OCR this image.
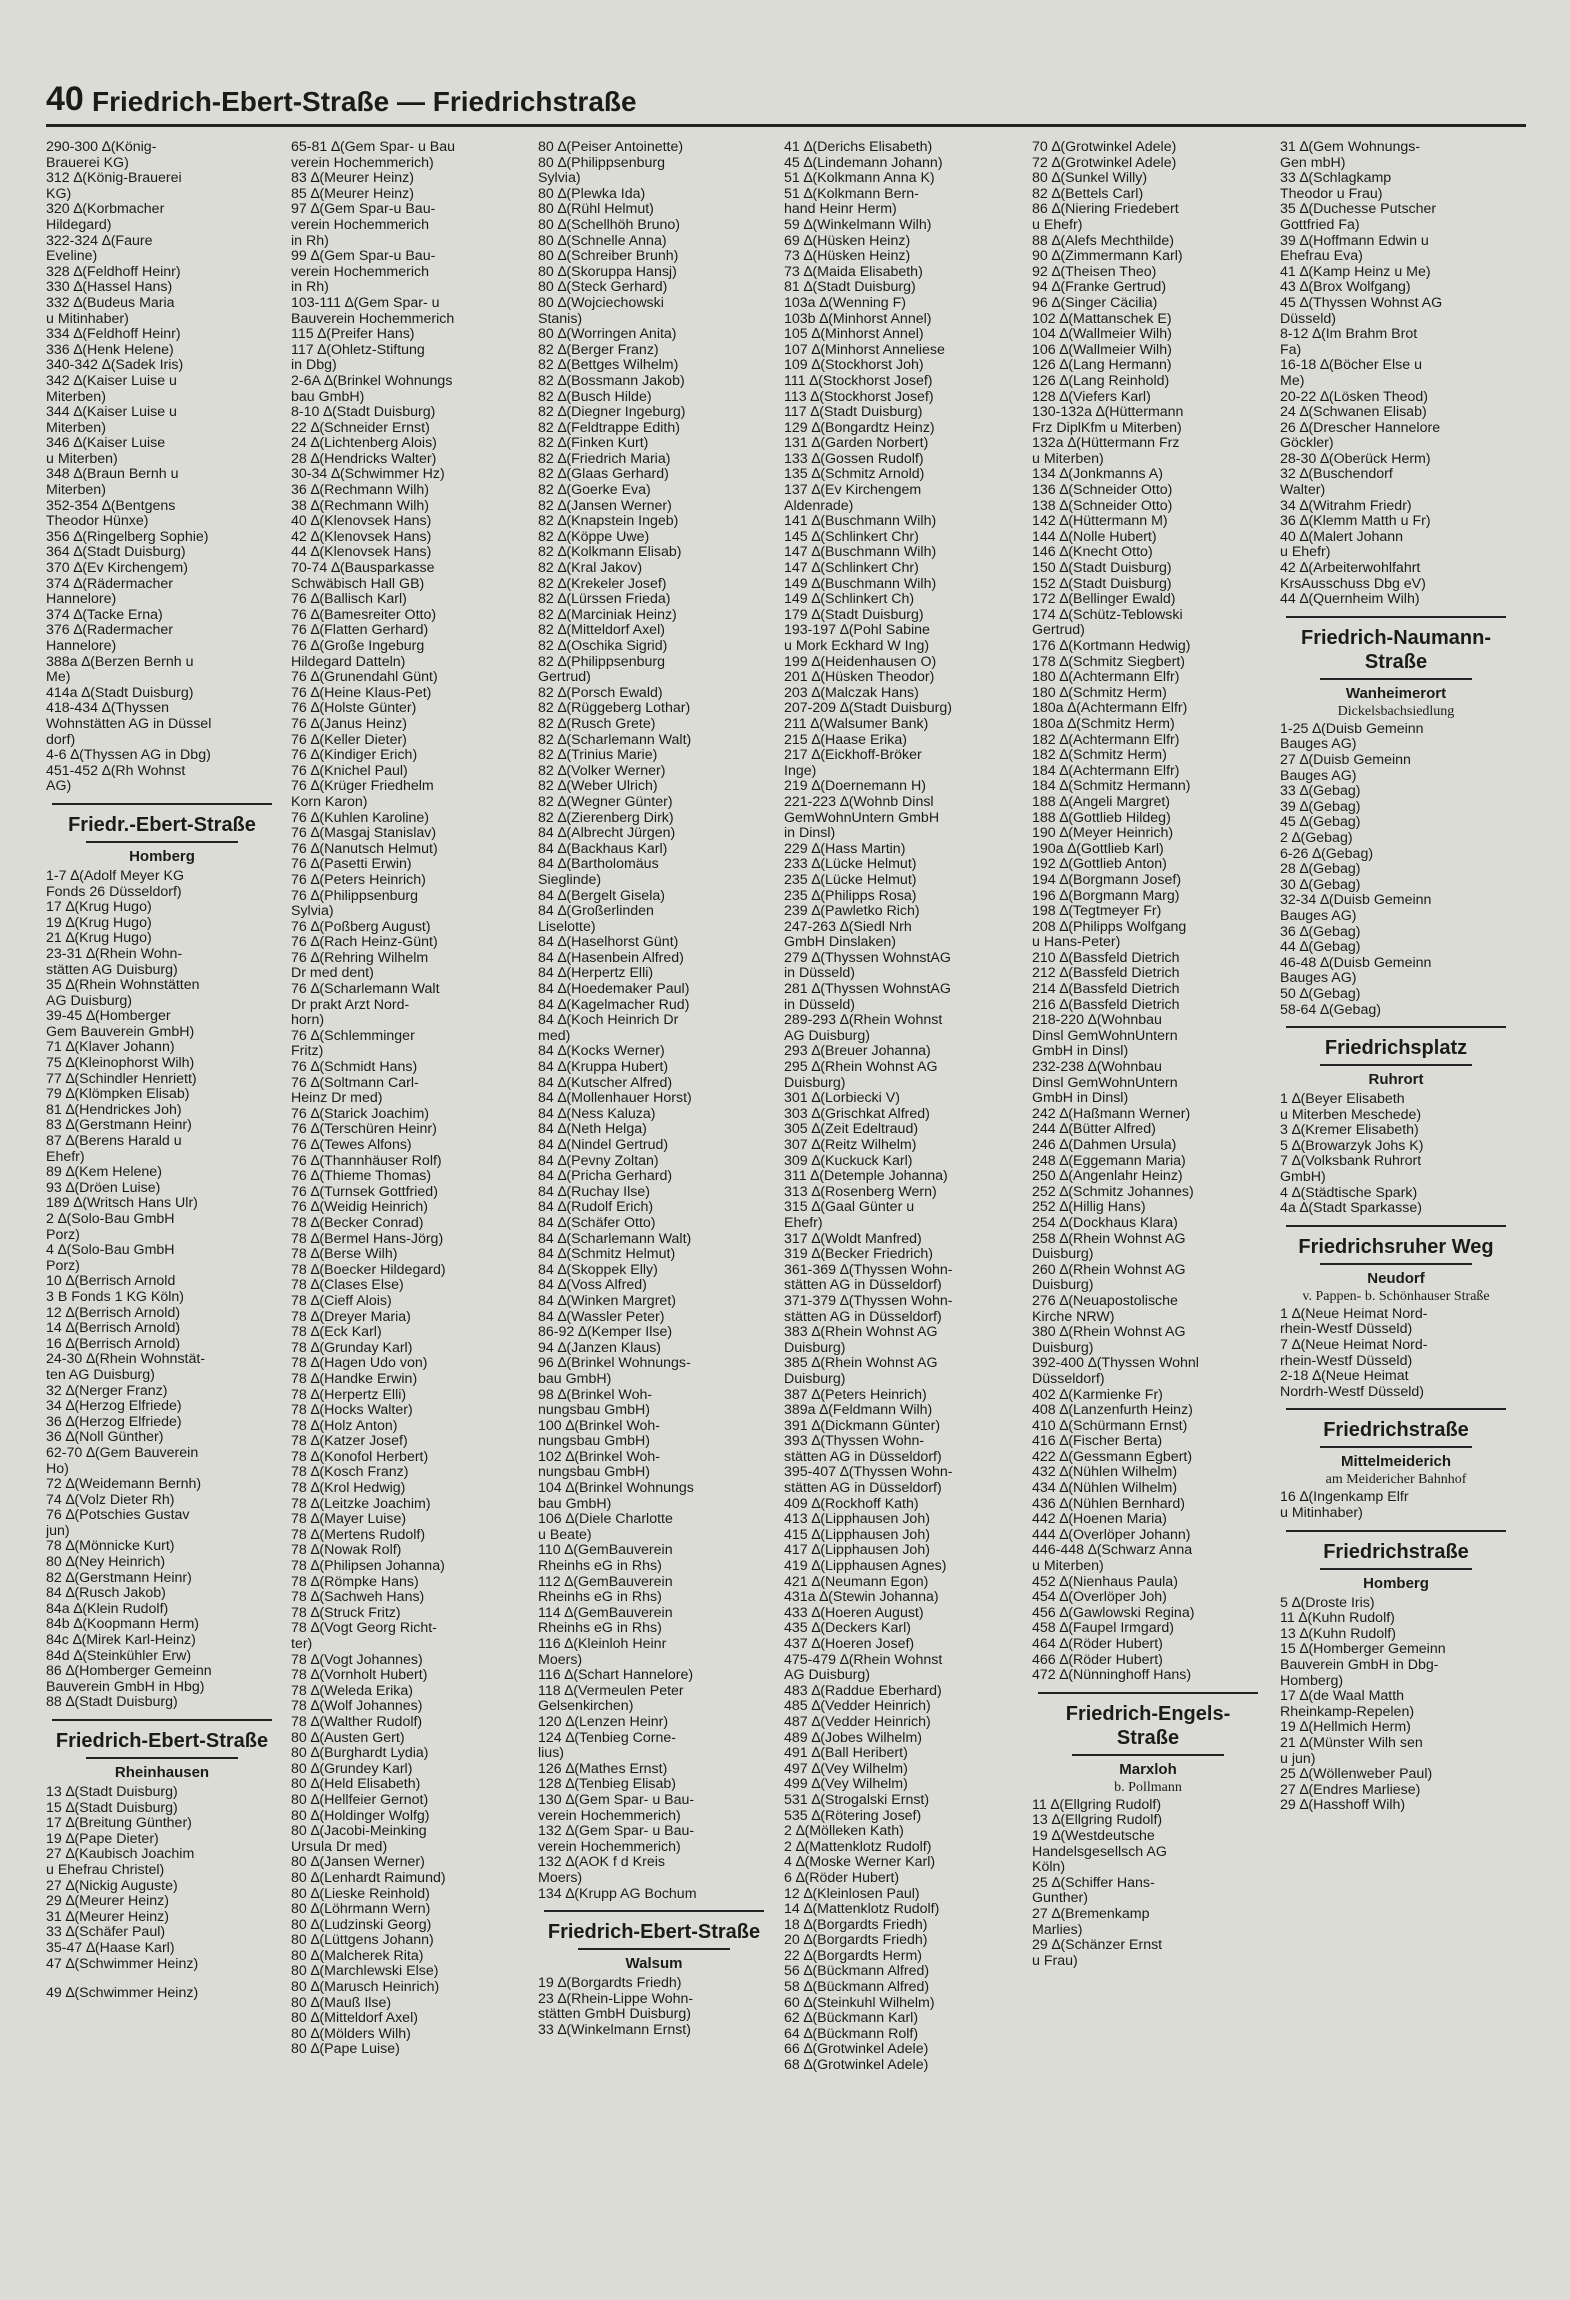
40 Friedrich-Ebert-Straße — Friedrichstraße
290-300 ∆(König-
Brauerei KG)
312 ∆(König-Brauerei
KG)
320 ∆(Korbmacher
Hildegard)
322-324 ∆(Faure
Eveline)
328 ∆(Feldhoff Heinr)
330 ∆(Hassel Hans)
332 ∆(Budeus Maria
u Mitinhaber)
334 ∆(Feldhoff Heinr)
336 ∆(Henk Helene)
340-342 ∆(Sadek Iris)
342 ∆(Kaiser Luise u
Miterben)
344 ∆(Kaiser Luise u
Miterben)
346 ∆(Kaiser Luise
u Miterben)
348 ∆(Braun Bernh u
Miterben)
352-354 ∆(Bentgens
Theodor Hünxe)
356 ∆(Ringelberg Sophie)
364 ∆(Stadt Duisburg)
370 ∆(Ev Kirchengem)
374 ∆(Rädermacher
Hannelore)
374 ∆(Tacke Erna)
376 ∆(Radermacher
Hannelore)
388a ∆(Berzen Bernh u
Me)
414a ∆(Stadt Duisburg)
418-434 ∆(Thyssen
Wohnstätten AG in Düssel
dorf)
4-6 ∆(Thyssen AG in Dbg)
451-452 ∆(Rh Wohnst
AG)
Friedr.-Ebert-Straße
Homberg
1-7 ∆(Adolf Meyer KG
Fonds 26 Düsseldorf)
17 ∆(Krug Hugo)
19 ∆(Krug Hugo)
21 ∆(Krug Hugo)
23-31 ∆(Rhein Wohn-
stätten AG Duisburg)
35 ∆(Rhein Wohnstätten
AG Duisburg)
39-45 ∆(Homberger
Gem Bauverein GmbH)
71 ∆(Klaver Johann)
75 ∆(Kleinophorst Wilh)
77 ∆(Schindler Henriett)
79 ∆(Klömpken Elisab)
81 ∆(Hendrickes Joh)
83 ∆(Gerstmann Heinr)
87 ∆(Berens Harald u
Ehefr)
89 ∆(Kem Helene)
93 ∆(Dröen Luise)
189 ∆(Writsch Hans Ulr)
2 ∆(Solo-Bau GmbH
Porz)
4 ∆(Solo-Bau GmbH
Porz)
10 ∆(Berrisch Arnold
3 B Fonds 1 KG Köln)
12 ∆(Berrisch Arnold)
14 ∆(Berrisch Arnold)
16 ∆(Berrisch Arnold)
24-30 ∆(Rhein Wohnstät-
ten AG Duisburg)
32 ∆(Nerger Franz)
34 ∆(Herzog Elfriede)
36 ∆(Herzog Elfriede)
36 ∆(Noll Günther)
62-70 ∆(Gem Bauverein
Ho)
72 ∆(Weidemann Bernh)
74 ∆(Volz Dieter Rh)
76 ∆(Potschies Gustav
jun)
78 ∆(Mönnicke Kurt)
80 ∆(Ney Heinrich)
82 ∆(Gerstmann Heinr)
84 ∆(Rusch Jakob)
84a ∆(Klein Rudolf)
84b ∆(Koopmann Herm)
84c ∆(Mirek Karl-Heinz)
84d ∆(Steinkühler Erw)
86 ∆(Homberger Gemeinn
Bauverein GmbH in Hbg)
88 ∆(Stadt Duisburg)
Friedrich-Ebert-Straße
Rheinhausen
13 ∆(Stadt Duisburg)
15 ∆(Stadt Duisburg)
17 ∆(Breitung Günther)
19 ∆(Pape Dieter)
27 ∆(Kaubisch Joachim
u Ehefrau Christel)
27 ∆(Nickig Auguste)
29 ∆(Meurer Heinz)
31 ∆(Meurer Heinz)
33 ∆(Schäfer Paul)
35-47 ∆(Haase Karl)
47 ∆(Schwimmer Heinz)
49 ∆(Schwimmer Heinz)
65-81 ∆(Gem Spar- u Bau
verein Hochemmerich)
83 ∆(Meurer Heinz)
85 ∆(Meurer Heinz)
97 ∆(Gem Spar-u Bau-
verein Hochemmerich
in Rh)
99 ∆(Gem Spar-u Bau-
verein Hochemmerich
in Rh)
103-111 ∆(Gem Spar- u
Bauverein Hochemmerich
115 ∆(Preifer Hans)
117 ∆(Ohletz-Stiftung
in Dbg)
2-6A ∆(Brinkel Wohnungs
bau GmbH)
8-10 ∆(Stadt Duisburg)
22 ∆(Schneider Ernst)
24 ∆(Lichtenberg Alois)
28 ∆(Hendricks Walter)
30-34 ∆(Schwimmer Hz)
36 ∆(Rechmann Wilh)
38 ∆(Rechmann Wilh)
40 ∆(Klenovsek Hans)
42 ∆(Klenovsek Hans)
44 ∆(Klenovsek Hans)
70-74 ∆(Bausparkasse
Schwäbisch Hall GB)
76 ∆(Ballisch Karl)
76 ∆(Bamesreiter Otto)
76 ∆(Flatten Gerhard)
76 ∆(Große Ingeburg
Hildegard Datteln)
76 ∆(Grunendahl Günt)
76 ∆(Heine Klaus-Pet)
76 ∆(Holste Günter)
76 ∆(Janus Heinz)
76 ∆(Keller Dieter)
76 ∆(Kindiger Erich)
76 ∆(Knichel Paul)
76 ∆(Krüger Friedhelm
Korn Karon)
76 ∆(Kuhlen Karoline)
76 ∆(Masgaj Stanislav)
76 ∆(Nanutsch Helmut)
76 ∆(Pasetti Erwin)
76 ∆(Peters Heinrich)
76 ∆(Philippsenburg
Sylvia)
76 ∆(Poßberg August)
76 ∆(Rach Heinz-Günt)
76 ∆(Rehring Wilhelm
Dr med dent)
76 ∆(Scharlemann Walt
Dr prakt Arzt Nord-
horn)
76 ∆(Schlemminger
Fritz)
76 ∆(Schmidt Hans)
76 ∆(Soltmann Carl-
Heinz Dr med)
76 ∆(Starick Joachim)
76 ∆(Terschüren Heinr)
76 ∆(Tewes Alfons)
76 ∆(Thannhäuser Rolf)
76 ∆(Thieme Thomas)
76 ∆(Turnsek Gottfried)
76 ∆(Weidig Heinrich)
78 ∆(Becker Conrad)
78 ∆(Bermel Hans-Jörg)
78 ∆(Berse Wilh)
78 ∆(Boecker Hildegard)
78 ∆(Clases Else)
78 ∆(Cieff Alois)
78 ∆(Dreyer Maria)
78 ∆(Eck Karl)
78 ∆(Grunday Karl)
78 ∆(Hagen Udo von)
78 ∆(Handke Erwin)
78 ∆(Herpertz Elli)
78 ∆(Hocks Walter)
78 ∆(Holz Anton)
78 ∆(Katzer Josef)
78 ∆(Konofol Herbert)
78 ∆(Kosch Franz)
78 ∆(Krol Hedwig)
78 ∆(Leitzke Joachim)
78 ∆(Mayer Luise)
78 ∆(Mertens Rudolf)
78 ∆(Nowak Rolf)
78 ∆(Philipsen Johanna)
78 ∆(Römpke Hans)
78 ∆(Sachweh Hans)
78 ∆(Struck Fritz)
78 ∆(Vogt Georg Richt-
ter)
78 ∆(Vogt Johannes)
78 ∆(Vornholt Hubert)
78 ∆(Weleda Erika)
78 ∆(Wolf Johannes)
78 ∆(Walther Rudolf)
80 ∆(Austen Gert)
80 ∆(Burghardt Lydia)
80 ∆(Grundey Karl)
80 ∆(Held Elisabeth)
80 ∆(Hellfeier Gernot)
80 ∆(Holdinger Wolfg)
80 ∆(Jacobi-Meinking
Ursula Dr med)
80 ∆(Jansen Werner)
80 ∆(Lenhardt Raimund)
80 ∆(Lieske Reinhold)
80 ∆(Löhrmann Wern)
80 ∆(Ludzinski Georg)
80 ∆(Lüttgens Johann)
80 ∆(Malcherek Rita)
80 ∆(Marchlewski Else)
80 ∆(Marusch Heinrich)
80 ∆(Mauß Ilse)
80 ∆(Mitteldorf Axel)
80 ∆(Mölders Wilh)
80 ∆(Pape Luise)
80 ∆(Peiser Antoinette)
80 ∆(Philippsenburg
Sylvia)
80 ∆(Plewka Ida)
80 ∆(Rühl Helmut)
80 ∆(Schellhöh Bruno)
80 ∆(Schnelle Anna)
80 ∆(Schreiber Brunh)
80 ∆(Skoruppa Hansj)
80 ∆(Steck Gerhard)
80 ∆(Wojciechowski
Stanis)
80 ∆(Worringen Anita)
82 ∆(Berger Franz)
82 ∆(Bettges Wilhelm)
82 ∆(Bossmann Jakob)
82 ∆(Busch Hilde)
82 ∆(Diegner Ingeburg)
82 ∆(Feldtrappe Edith)
82 ∆(Finken Kurt)
82 ∆(Friedrich Maria)
82 ∆(Glaas Gerhard)
82 ∆(Goerke Eva)
82 ∆(Jansen Werner)
82 ∆(Knapstein Ingeb)
82 ∆(Köppe Uwe)
82 ∆(Kolkmann Elisab)
82 ∆(Kral Jakov)
82 ∆(Krekeler Josef)
82 ∆(Lürssen Frieda)
82 ∆(Marciniak Heinz)
82 ∆(Mitteldorf Axel)
82 ∆(Oschika Sigrid)
82 ∆(Philippsenburg
Gertrud)
82 ∆(Porsch Ewald)
82 ∆(Rüggeberg Lothar)
82 ∆(Rusch Grete)
82 ∆(Scharlemann Walt)
82 ∆(Trinius Marie)
82 ∆(Volker Werner)
82 ∆(Weber Ulrich)
82 ∆(Wegner Günter)
82 ∆(Zierenberg Dirk)
84 ∆(Albrecht Jürgen)
84 ∆(Backhaus Karl)
84 ∆(Bartholomäus
Sieglinde)
84 ∆(Bergelt Gisela)
84 ∆(Großerlinden
Liselotte)
84 ∆(Haselhorst Günt)
84 ∆(Hasenbein Alfred)
84 ∆(Herpertz Elli)
84 ∆(Hoedemaker Paul)
84 ∆(Kagelmacher Rud)
84 ∆(Koch Heinrich Dr
med)
84 ∆(Kocks Werner)
84 ∆(Kruppa Hubert)
84 ∆(Kutscher Alfred)
84 ∆(Mollenhauer Horst)
84 ∆(Ness Kaluza)
84 ∆(Neth Helga)
84 ∆(Nindel Gertrud)
84 ∆(Pevny Zoltan)
84 ∆(Pricha Gerhard)
84 ∆(Ruchay Ilse)
84 ∆(Rudolf Erich)
84 ∆(Schäfer Otto)
84 ∆(Scharlemann Walt)
84 ∆(Schmitz Helmut)
84 ∆(Skoppek Elly)
84 ∆(Voss Alfred)
84 ∆(Winken Margret)
84 ∆(Wassler Peter)
86-92 ∆(Kemper Ilse)
94 ∆(Janzen Klaus)
96 ∆(Brinkel Wohnungs-
bau GmbH)
98 ∆(Brinkel Woh-
nungsbau GmbH)
100 ∆(Brinkel Woh-
nungsbau GmbH)
102 ∆(Brinkel Woh-
nungsbau GmbH)
104 ∆(Brinkel Wohnungs
bau GmbH)
106 ∆(Diele Charlotte
u Beate)
110 ∆(GemBauverein
Rheinhs eG in Rhs)
112 ∆(GemBauverein
Rheinhs eG in Rhs)
114 ∆(GemBauverein
Rheinhs eG in Rhs)
116 ∆(Kleinloh Heinr
Moers)
116 ∆(Schart Hannelore)
118 ∆(Vermeulen Peter
Gelsenkirchen)
120 ∆(Lenzen Heinr)
124 ∆(Tenbieg Corne-
lius)
126 ∆(Mathes Ernst)
128 ∆(Tenbieg Elisab)
130 ∆(Gem Spar- u Bau-
verein Hochemmerich)
132 ∆(Gem Spar- u Bau-
verein Hochemmerich)
132 ∆(AOK f d Kreis
Moers)
134 ∆(Krupp AG Bochum
Friedrich-Ebert-Straße
Walsum
19 ∆(Borgardts Friedh)
23 ∆(Rhein-Lippe Wohn-
stätten GmbH Duisburg)
33 ∆(Winkelmann Ernst)
41 ∆(Derichs Elisabeth)
45 ∆(Lindemann Johann)
51 ∆(Kolkmann Anna K)
51 ∆(Kolkmann Bern-
hand Heinr Herm)
59 ∆(Winkelmann Wilh)
69 ∆(Hüsken Heinz)
73 ∆(Hüsken Heinz)
73 ∆(Maida Elisabeth)
81 ∆(Stadt Duisburg)
103a ∆(Wenning F)
103b ∆(Minhorst Annel)
105 ∆(Minhorst Annel)
107 ∆(Minhorst Anneliese
109 ∆(Stockhorst Joh)
111 ∆(Stockhorst Josef)
113 ∆(Stockhorst Josef)
117 ∆(Stadt Duisburg)
129 ∆(Bongardtz Heinz)
131 ∆(Garden Norbert)
133 ∆(Gossen Rudolf)
135 ∆(Schmitz Arnold)
137 ∆(Ev Kirchengem
Aldenrade)
141 ∆(Buschmann Wilh)
145 ∆(Schlinkert Chr)
147 ∆(Buschmann Wilh)
147 ∆(Schlinkert Chr)
149 ∆(Buschmann Wilh)
149 ∆(Schlinkert Ch)
179 ∆(Stadt Duisburg)
193-197 ∆(Pohl Sabine
u Mork Eckhard W Ing)
199 ∆(Heidenhausen O)
201 ∆(Hüsken Theodor)
203 ∆(Malczak Hans)
207-209 ∆(Stadt Duisburg)
211 ∆(Walsumer Bank)
215 ∆(Haase Erika)
217 ∆(Eickhoff-Bröker
Inge)
219 ∆(Doernemann H)
221-223 ∆(Wohnb Dinsl
GemWohnUntern GmbH
in Dinsl)
229 ∆(Hass Martin)
233 ∆(Lücke Helmut)
235 ∆(Lücke Helmut)
235 ∆(Philipps Rosa)
239 ∆(Pawletko Rich)
247-263 ∆(Siedl Nrh
GmbH Dinslaken)
279 ∆(Thyssen WohnstAG
in Düsseld)
281 ∆(Thyssen WohnstAG
in Düsseld)
289-293 ∆(Rhein Wohnst
AG Duisburg)
293 ∆(Breuer Johanna)
295 ∆(Rhein Wohnst AG
Duisburg)
301 ∆(Lorbiecki V)
303 ∆(Grischkat Alfred)
305 ∆(Zeit Edeltraud)
307 ∆(Reitz Wilhelm)
309 ∆(Kuckuck Karl)
311 ∆(Detemple Johanna)
313 ∆(Rosenberg Wern)
315 ∆(Gaal Günter u
Ehefr)
317 ∆(Woldt Manfred)
319 ∆(Becker Friedrich)
361-369 ∆(Thyssen Wohn-
stätten AG in Düsseldorf)
371-379 ∆(Thyssen Wohn-
stätten AG in Düsseldorf)
383 ∆(Rhein Wohnst AG
Duisburg)
385 ∆(Rhein Wohnst AG
Duisburg)
387 ∆(Peters Heinrich)
389a ∆(Feldmann Wilh)
391 ∆(Dickmann Günter)
393 ∆(Thyssen Wohn-
stätten AG in Düsseldorf)
395-407 ∆(Thyssen Wohn-
stätten AG in Düsseldorf)
409 ∆(Rockhoff Kath)
413 ∆(Lipphausen Joh)
415 ∆(Lipphausen Joh)
417 ∆(Lipphausen Joh)
419 ∆(Lipphausen Agnes)
421 ∆(Neumann Egon)
431a ∆(Stewin Johanna)
433 ∆(Hoeren August)
435 ∆(Deckers Karl)
437 ∆(Hoeren Josef)
475-479 ∆(Rhein Wohnst
AG Duisburg)
483 ∆(Raddue Eberhard)
485 ∆(Vedder Heinrich)
487 ∆(Vedder Heinrich)
489 ∆(Jobes Wilhelm)
491 ∆(Ball Heribert)
497 ∆(Vey Wilhelm)
499 ∆(Vey Wilhelm)
531 ∆(Strogalski Ernst)
535 ∆(Rötering Josef)
2 ∆(Mölleken Kath)
2 ∆(Mattenklotz Rudolf)
4 ∆(Moske Werner Karl)
6 ∆(Röder Hubert)
12 ∆(Kleinlosen Paul)
14 ∆(Mattenklotz Rudolf)
18 ∆(Borgardts Friedh)
20 ∆(Borgardts Friedh)
22 ∆(Borgardts Herm)
56 ∆(Bückmann Alfred)
58 ∆(Bückmann Alfred)
60 ∆(Steinkuhl Wilhelm)
62 ∆(Bückmann Karl)
64 ∆(Bückmann Rolf)
66 ∆(Grotwinkel Adele)
68 ∆(Grotwinkel Adele)
70 ∆(Grotwinkel Adele)
72 ∆(Grotwinkel Adele)
80 ∆(Sunkel Willy)
82 ∆(Bettels Carl)
86 ∆(Niering Friedebert
u Ehefr)
88 ∆(Alefs Mechthilde)
90 ∆(Zimmermann Karl)
92 ∆(Theisen Theo)
94 ∆(Franke Gertrud)
96 ∆(Singer Cäcilia)
102 ∆(Mattanschek E)
104 ∆(Wallmeier Wilh)
106 ∆(Wallmeier Wilh)
126 ∆(Lang Hermann)
126 ∆(Lang Reinhold)
128 ∆(Viefers Karl)
130-132a ∆(Hüttermann
Frz DiplKfm u Miterben)
132a ∆(Hüttermann Frz
u Miterben)
134 ∆(Jonkmanns A)
136 ∆(Schneider Otto)
138 ∆(Schneider Otto)
142 ∆(Hüttermann M)
144 ∆(Nolle Hubert)
146 ∆(Knecht Otto)
150 ∆(Stadt Duisburg)
152 ∆(Stadt Duisburg)
172 ∆(Bellinger Ewald)
174 ∆(Schütz-Teblowski
Gertrud)
176 ∆(Kortmann Hedwig)
178 ∆(Schmitz Siegbert)
180 ∆(Achtermann Elfr)
180 ∆(Schmitz Herm)
180a ∆(Achtermann Elfr)
180a ∆(Schmitz Herm)
182 ∆(Achtermann Elfr)
182 ∆(Schmitz Herm)
184 ∆(Achtermann Elfr)
184 ∆(Schmitz Hermann)
188 ∆(Angeli Margret)
188 ∆(Gottlieb Hildeg)
190 ∆(Meyer Heinrich)
190a ∆(Gottlieb Karl)
192 ∆(Gottlieb Anton)
194 ∆(Borgmann Josef)
196 ∆(Borgmann Marg)
198 ∆(Tegtmeyer Fr)
208 ∆(Philipps Wolfgang
u Hans-Peter)
210 ∆(Bassfeld Dietrich
212 ∆(Bassfeld Dietrich
214 ∆(Bassfeld Dietrich
216 ∆(Bassfeld Dietrich
218-220 ∆(Wohnbau
Dinsl GemWohnUntern
GmbH in Dinsl)
232-238 ∆(Wohnbau
Dinsl GemWohnUntern
GmbH in Dinsl)
242 ∆(Haßmann Werner)
244 ∆(Bütter Alfred)
246 ∆(Dahmen Ursula)
248 ∆(Eggemann Maria)
250 ∆(Angenlahr Heinz)
252 ∆(Schmitz Johannes)
252 ∆(Hillig Hans)
254 ∆(Dockhaus Klara)
258 ∆(Rhein Wohnst AG
Duisburg)
260 ∆(Rhein Wohnst AG
Duisburg)
276 ∆(Neuapostolische
Kirche NRW)
380 ∆(Rhein Wohnst AG
Duisburg)
392-400 ∆(Thyssen Wohnl
Düsseldorf)
402 ∆(Karmienke Fr)
408 ∆(Lanzenfurth Heinz)
410 ∆(Schürmann Ernst)
416 ∆(Fischer Berta)
422 ∆(Gessmann Egbert)
432 ∆(Nühlen Wilhelm)
434 ∆(Nühlen Wilhelm)
436 ∆(Nühlen Bernhard)
442 ∆(Hoenen Maria)
444 ∆(Overlöper Johann)
446-448 ∆(Schwarz Anna
u Miterben)
452 ∆(Nienhaus Paula)
454 ∆(Overlöper Joh)
456 ∆(Gawlowski Regina)
458 ∆(Faupel Irmgard)
464 ∆(Röder Hubert)
466 ∆(Röder Hubert)
472 ∆(Nünninghoff Hans)
Friedrich-Engels-Straße
Marxloh
b. Pollmann
11 ∆(Ellgring Rudolf)
13 ∆(Ellgring Rudolf)
19 ∆(Westdeutsche
Handelsgesellsch AG
Köln)
25 ∆(Schiffer Hans-
Gunther)
27 ∆(Bremenkamp
Marlies)
29 ∆(Schänzer Ernst
u Frau)
31 ∆(Gem Wohnungs-
Gen mbH)
33 ∆(Schlagkamp
Theodor u Frau)
35 ∆(Duchesse Putscher
Gottfried Fa)
39 ∆(Hoffmann Edwin u
Ehefrau Eva)
41 ∆(Kamp Heinz u Me)
43 ∆(Brox Wolfgang)
45 ∆(Thyssen Wohnst AG
Düsseld)
8-12 ∆(Im Brahm Brot
Fa)
16-18 ∆(Böcher Else u
Me)
20-22 ∆(Lösken Theod)
24 ∆(Schwanen Elisab)
26 ∆(Drescher Hannelore
Göckler)
28-30 ∆(Oberück Herm)
32 ∆(Buschendorf
Walter)
34 ∆(Witrahm Friedr)
36 ∆(Klemm Matth u Fr)
40 ∆(Malert Johann
u Ehefr)
42 ∆(Arbeiterwohlfahrt
KrsAusschuss Dbg eV)
44 ∆(Quernheim Wilh)
Friedrich-Naumann-Straße
Wanheimerort
Dickelsbachsiedlung
1-25 ∆(Duisb Gemeinn
Bauges AG)
27 ∆(Duisb Gemeinn
Bauges AG)
33 ∆(Gebag)
39 ∆(Gebag)
45 ∆(Gebag)
2 ∆(Gebag)
6-26 ∆(Gebag)
28 ∆(Gebag)
30 ∆(Gebag)
32-34 ∆(Duisb Gemeinn
Bauges AG)
36 ∆(Gebag)
44 ∆(Gebag)
46-48 ∆(Duisb Gemeinn
Bauges AG)
50 ∆(Gebag)
58-64 ∆(Gebag)
Friedrichsplatz
Ruhrort
1 ∆(Beyer Elisabeth
u Miterben Meschede)
3 ∆(Kremer Elisabeth)
5 ∆(Browarzyk Johs K)
7 ∆(Volksbank Ruhrort
GmbH)
4 ∆(Städtische Spark)
4a ∆(Stadt Sparkasse)
Friedrichsruher Weg
Neudorf
v. Pappen- b. Schönhauser Straße
1 ∆(Neue Heimat Nord-
rhein-Westf Düsseld)
7 ∆(Neue Heimat Nord-
rhein-Westf Düsseld)
2-18 ∆(Neue Heimat
Nordrh-Westf Düsseld)
Friedrichstraße
Mittelmeiderich
am Meidericher Bahnhof
16 ∆(Ingenkamp Elfr
u Mitinhaber)
Friedrichstraße
Homberg
5 ∆(Droste Iris)
11 ∆(Kuhn Rudolf)
13 ∆(Kuhn Rudolf)
15 ∆(Homberger Gemeinn
Bauverein GmbH in Dbg-
Homberg)
17 ∆(de Waal Matth
Rheinkamp-Repelen)
19 ∆(Hellmich Herm)
21 ∆(Münster Wilh sen
u jun)
25 ∆(Wöllenweber Paul)
27 ∆(Endres Marliese)
29 ∆(Hasshoff Wilh)
